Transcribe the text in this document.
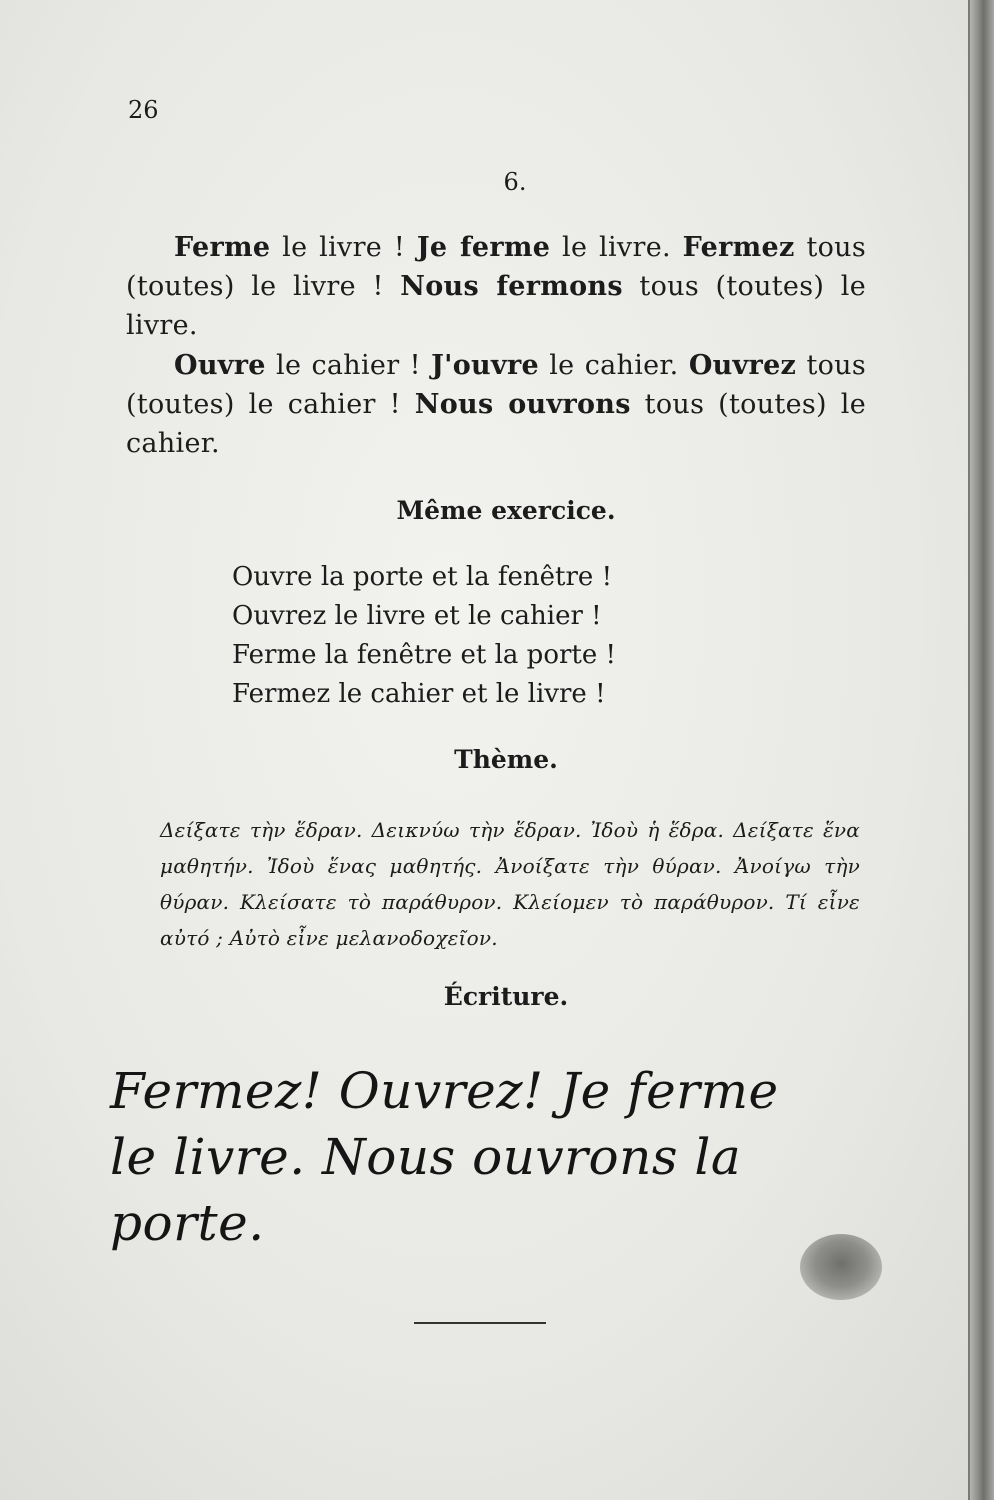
26
6.
Ferme le livre ! Je ferme le livre. Fermez tous (toutes) le livre ! Nous fermons tous (toutes) le livre.
Ouvre le cahier ! J'ouvre le cahier. Ouvrez tous (toutes) le cahier ! Nous ouvrons tous (toutes) le cahier.
Même exercice.
Ouvre la porte et la fenêtre !
Ouvrez le livre et le cahier !
Ferme la fenêtre et la porte !
Fermez le cahier et le livre !
Thème.
Δείξατε τὴν ἕδραν. Δεικνύω τὴν ἕδραν. Ἰδοὺ ἡ ἕδρα. Δείξατε ἕνα μαθητήν. Ἰδοὺ ἕνας μαθητής. Ἀνοίξατε τὴν θύραν. Ἀνοίγω τὴν θύραν. Κλείσατε τὸ παράθυρον. Κλείομεν τὸ παράθυρον. Τί εἶνε αὐτό ; Αὐτὸ εἶνε μελανοδοχεῖον.
Écriture.
Fermez! Ouvrez! Je ferme
le livre. Nous ouvrons la porte.
